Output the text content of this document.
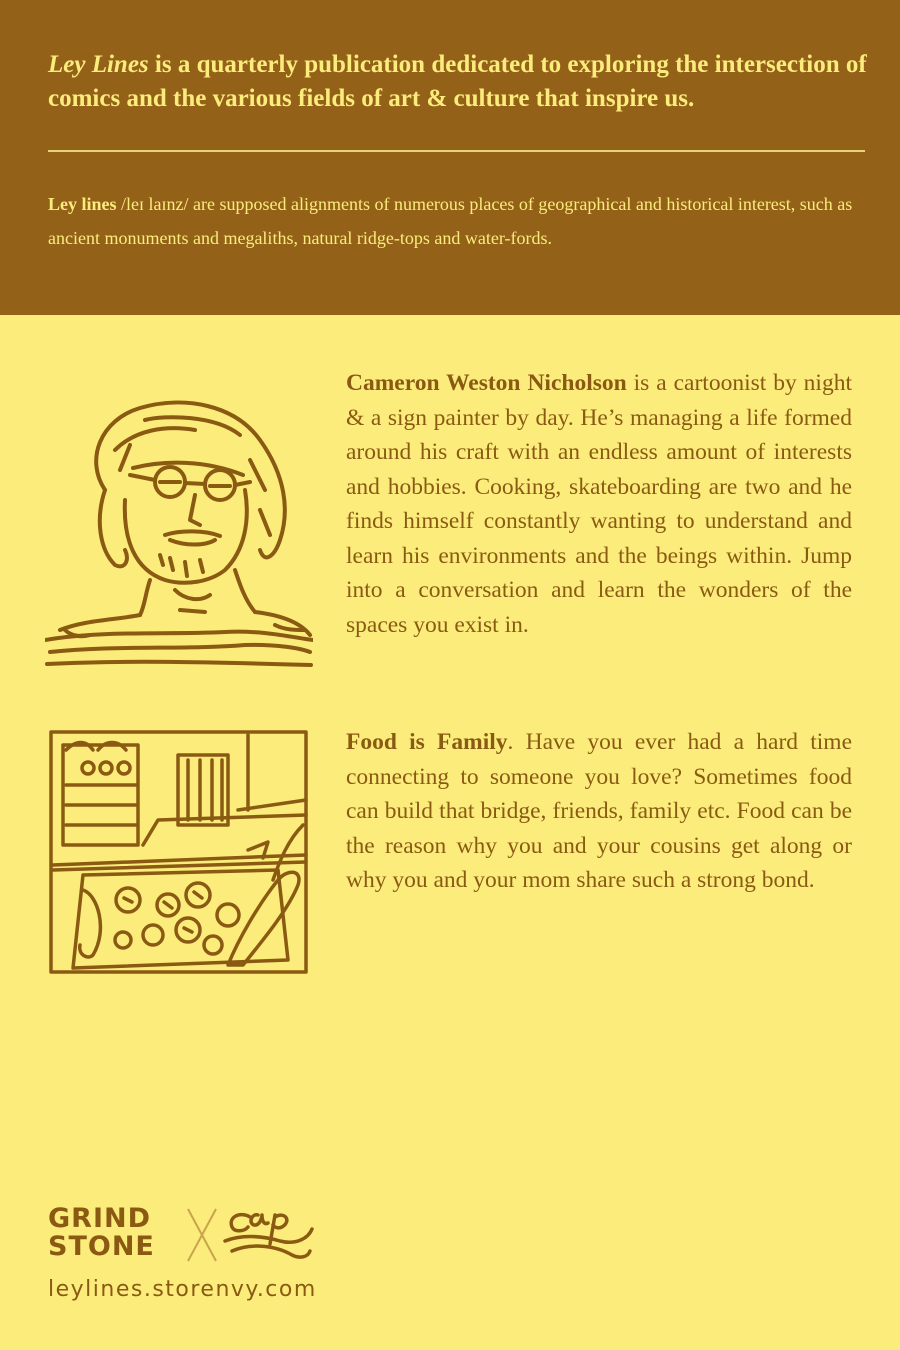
Ley Lines is a quarterly publication dedicated to exploring the intersection of comics and the various fields of art & culture that inspire us.

Ley lines /leɪ laɪnz/ are supposed alignments of numerous places of geographical and historical interest, such as ancient monuments and megaliths, natural ridge-tops and water-fords.

Cameron Weston Nicholson is a cartoonist by night & a sign painter by day. He’s managing a life formed around his craft with an endless amount of interests and hobbies. Cooking, skateboarding are two and he finds himself constantly wanting to understand and learn his environments and the beings within. Jump into a conversation and learn the wonders of the spaces you exist in.

Food is Family. Have you ever had a hard time connecting to someone you love? Sometimes food can build that bridge, friends, family etc. Food can be the reason why you and your cousins get along or why you and your mom share such a strong bond.

GRIND
STONE

leylines.storenvy.com
